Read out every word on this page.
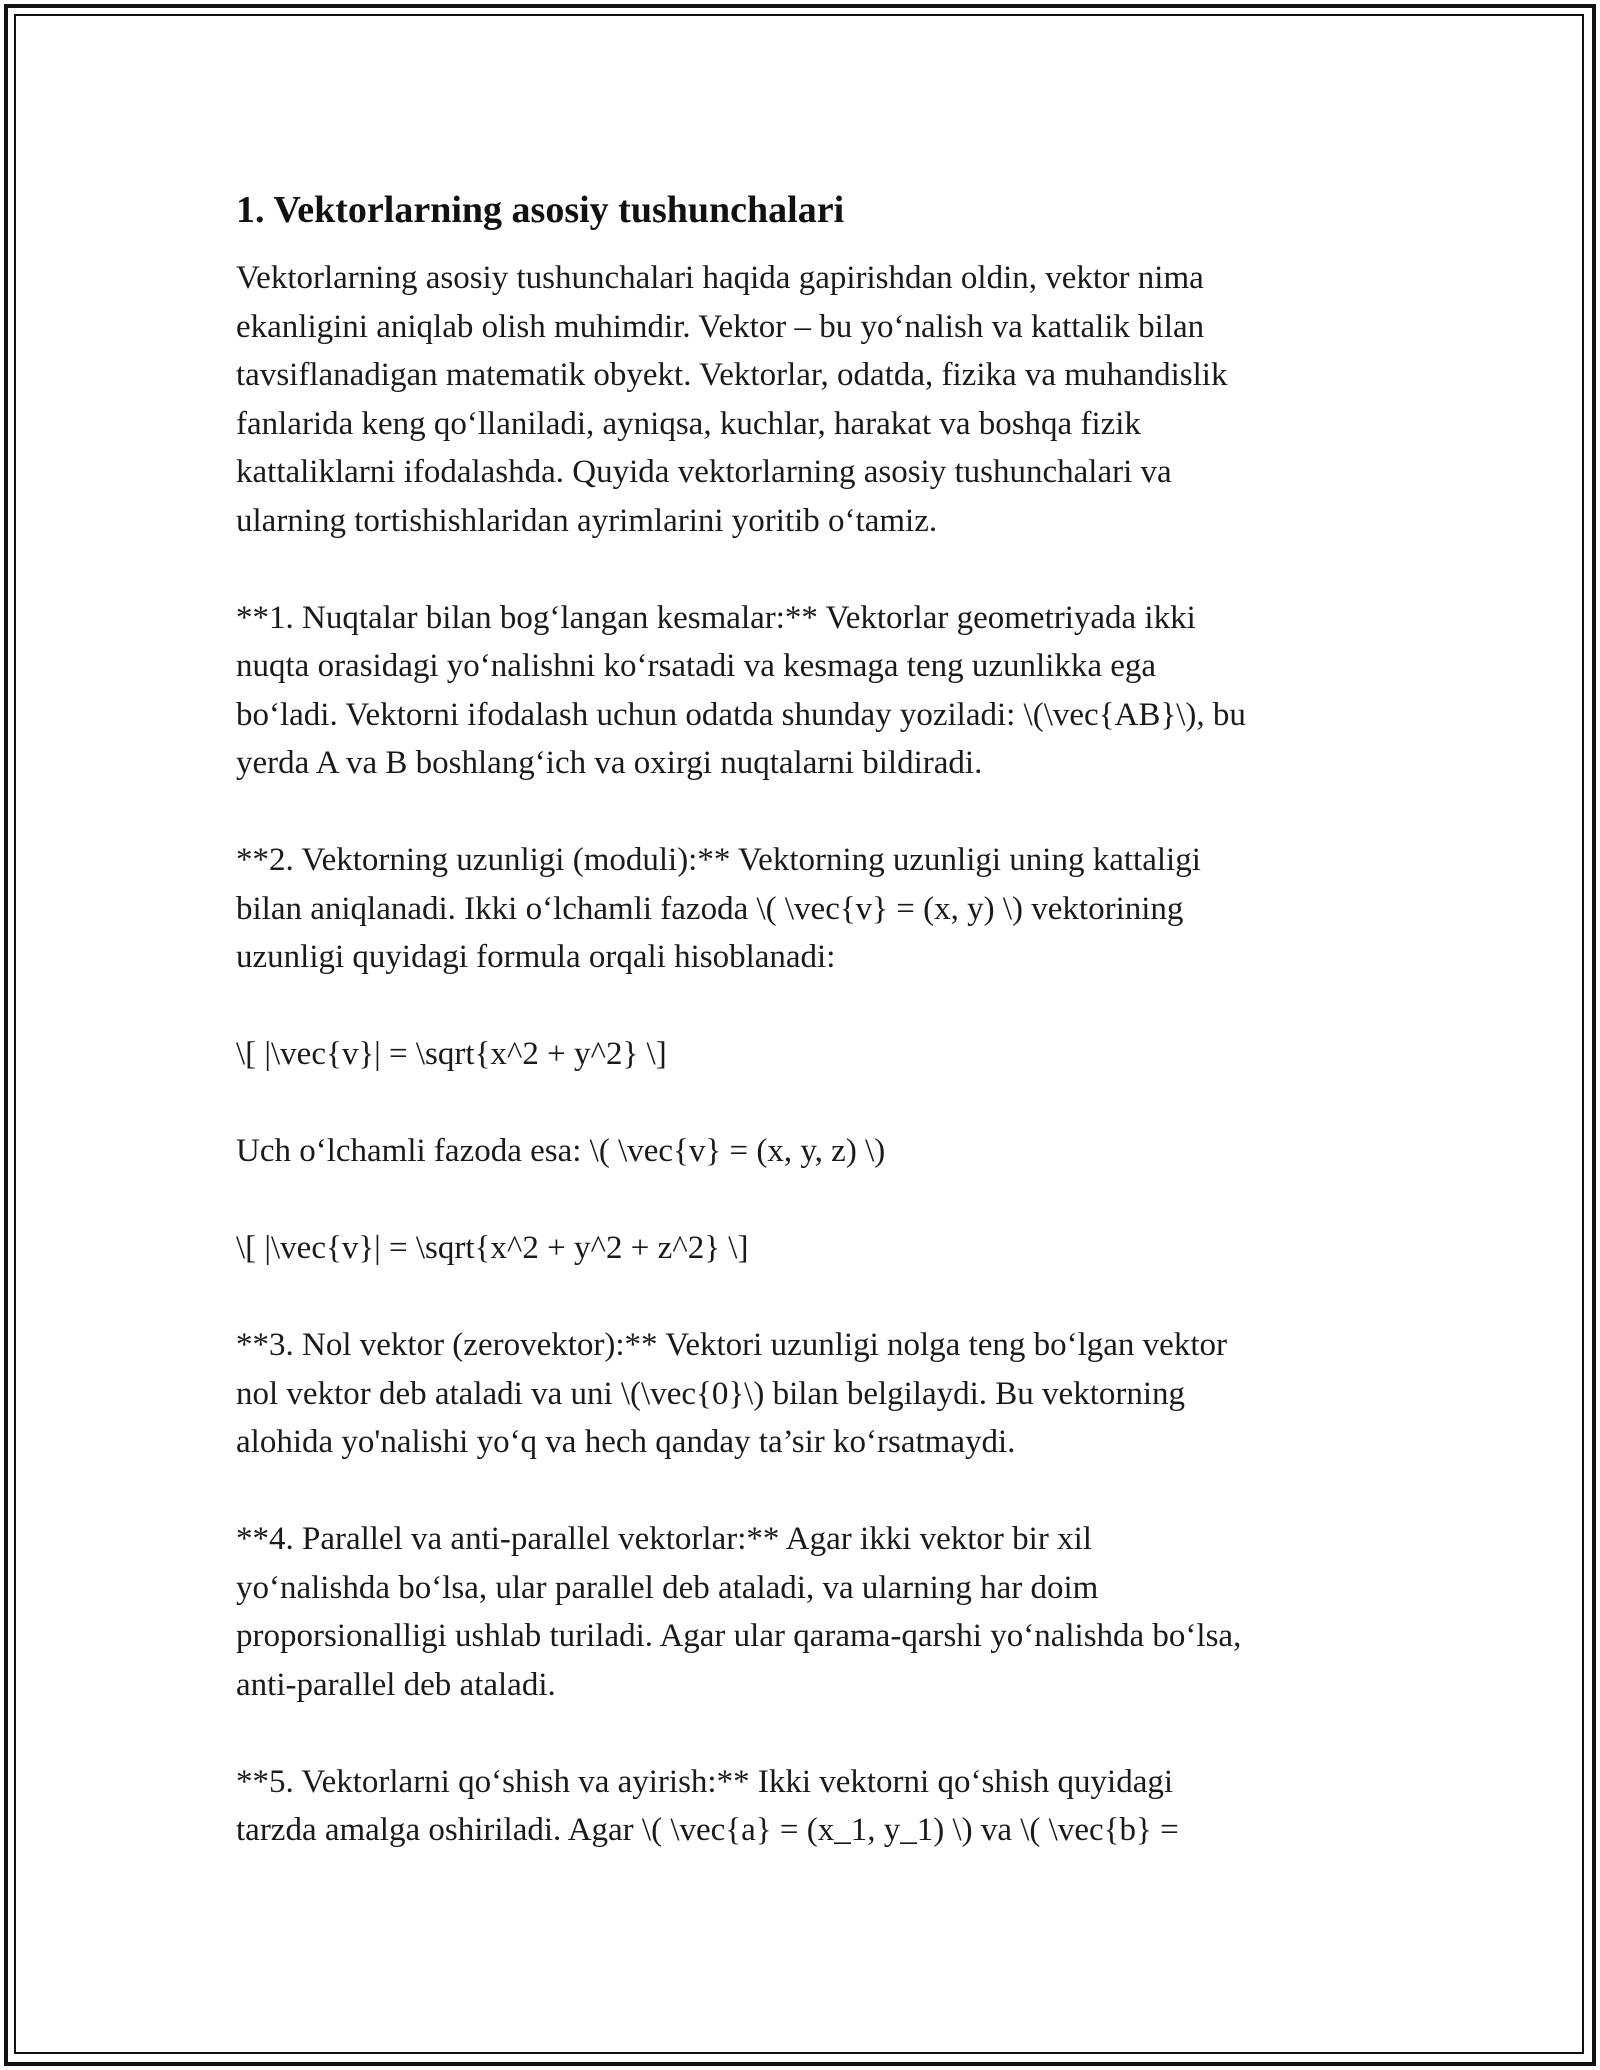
1. Vektorlarning asosiy tushunchalari

Vektorlarning asosiy tushunchalari haqida gapirishdan oldin, vektor nima
ekanligini aniqlab olish muhimdir. Vektor – bu yo‘nalish va kattalik bilan
tavsiflanadigan matematik obyekt. Vektorlar, odatda, fizika va muhandislik
fanlarida keng qo‘llaniladi, ayniqsa, kuchlar, harakat va boshqa fizik
kattaliklarni ifodalashda. Quyida vektorlarning asosiy tushunchalari va
ularning tortishishlaridan ayrimlarini yoritib o‘tamiz.

**1. Nuqtalar bilan bog‘langan kesmalar:** Vektorlar geometriyada ikki
nuqta orasidagi yo‘nalishni ko‘rsatadi va kesmaga teng uzunlikka ega
bo‘ladi. Vektorni ifodalash uchun odatda shunday yoziladi: \(\vec{AB}\), bu
yerda A va B boshlang‘ich va oxirgi nuqtalarni bildiradi.

**2. Vektorning uzunligi (moduli):** Vektorning uzunligi uning kattaligi
bilan aniqlanadi. Ikki o‘lchamli fazoda \( \vec{v} = (x, y) \) vektorining
uzunligi quyidagi formula orqali hisoblanadi:

\[ |\vec{v}| = \sqrt{x^2 + y^2} \]

Uch o‘lchamli fazoda esa: \( \vec{v} = (x, y, z) \)

\[ |\vec{v}| = \sqrt{x^2 + y^2 + z^2} \]

**3. Nol vektor (zerovektor):** Vektori uzunligi nolga teng bo‘lgan vektor
nol vektor deb ataladi va uni \(\vec{0}\) bilan belgilaydi. Bu vektorning
alohida yo'nalishi yo‘q va hech qanday ta’sir ko‘rsatmaydi.

**4. Parallel va anti-parallel vektorlar:** Agar ikki vektor bir xil
yo‘nalishda bo‘lsa, ular parallel deb ataladi, va ularning har doim
proporsionalligi ushlab turiladi. Agar ular qarama-qarshi yo‘nalishda bo‘lsa,
anti-parallel deb ataladi.

**5. Vektorlarni qo‘shish va ayirish:** Ikki vektorni qo‘shish quyidagi
tarzda amalga oshiriladi. Agar \( \vec{a} = (x_1, y_1) \) va \( \vec{b} =
